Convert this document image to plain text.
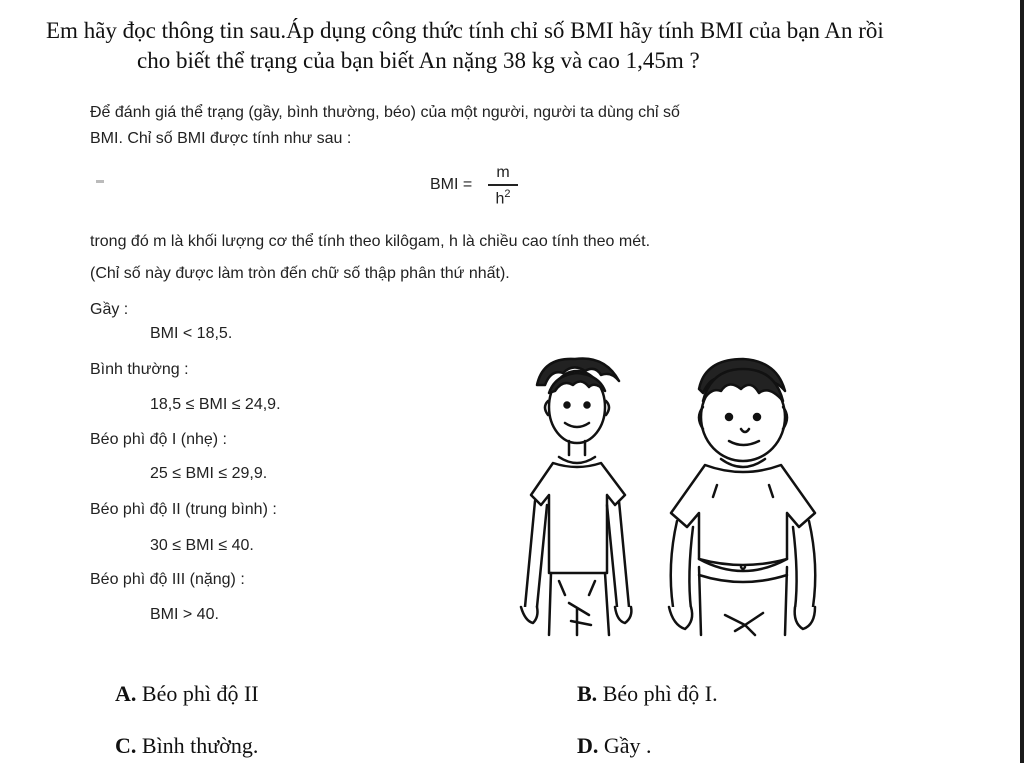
Em hãy đọc thông tin sau.Áp dụng công thức tính chỉ số BMI hãy tính BMI của bạn An rồi
cho biết thể trạng của bạn biết An nặng 38 kg và cao 1,45m ?
Để đánh giá thể trạng (gầy, bình thường, béo) của một người, người ta dùng chỉ số
BMI. Chỉ số BMI được tính như sau :
BMI =
m
$h^2$
trong đó m là khối lượng cơ thể tính theo kilôgam, h là chiều cao tính theo mét.
(Chỉ số này được làm tròn đến chữ số thập phân thứ nhất).
Gầy :
BMI < 18,5.
Bình thường :
18,5 ≤ BMI ≤ 24,9.
Béo phì độ I (nhẹ) :
25 ≤ BMI ≤ 29,9.
Béo phì độ II (trung bình) :
30 ≤ BMI ≤ 40.
Béo phì độ III (nặng) :
BMI > 40.
A. Béo phì độ II	B. Béo phì độ I.
C. Bình thường.	D. Gầy .
